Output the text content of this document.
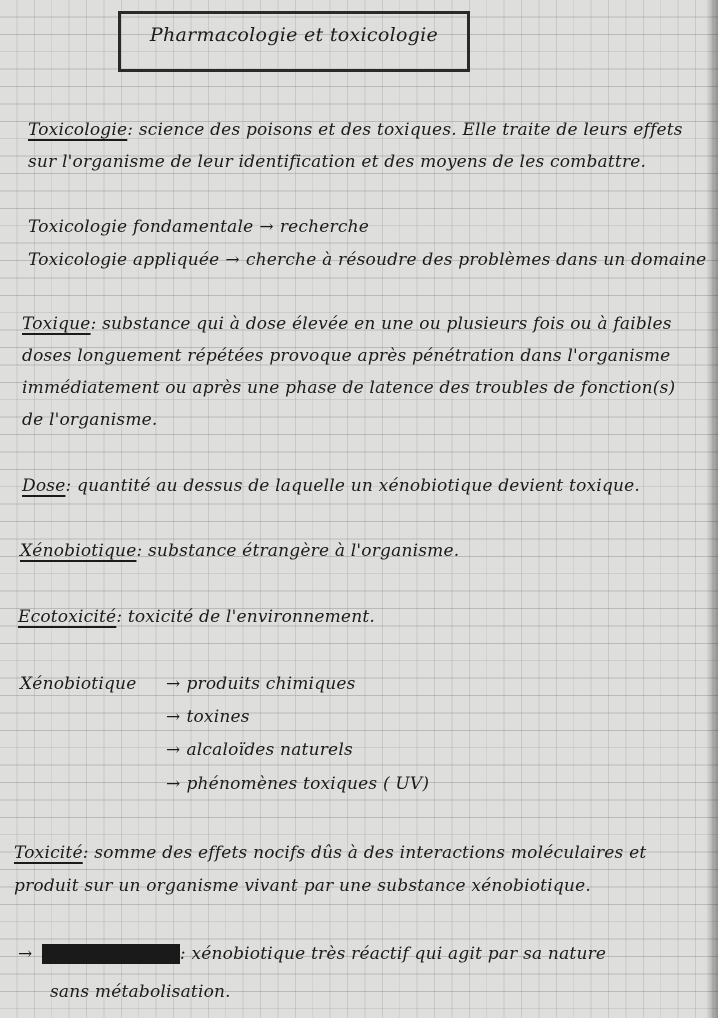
Pharmacologie et toxicologie
Toxicologie: science des poisons et des toxiques. Elle traite de leurs effets
sur l'organisme de leur identification et des moyens de les combattre.
Toxicologie fondamentale → recherche
Toxicologie appliquée → cherche à résoudre des problèmes dans un domaine
Toxique: substance qui à dose élevée en une ou plusieurs fois ou à faibles
doses longuement répétées provoque après pénétration dans l'organisme
immédiatement ou après une phase de latence des troubles de fonction(s)
de l'organisme.
Dose: quantité au dessus de laquelle un xénobiotique devient toxique.
Xénobiotique: substance étrangère à l'organisme.
Ecotoxicité: toxicité de l'environnement.
Xénobiotique	→ produits chimiques
→ toxines
→ alcaloïdes naturels
→ phénomènes toxiques ( UV)
Toxicité: somme des effets nocifs dûs à des interactions moléculaires et
produit sur un organisme vivant par une substance xénobiotique.
→ toxicité directe : xénobiotique très réactif qui agit par sa nature
sans métabolisation.
